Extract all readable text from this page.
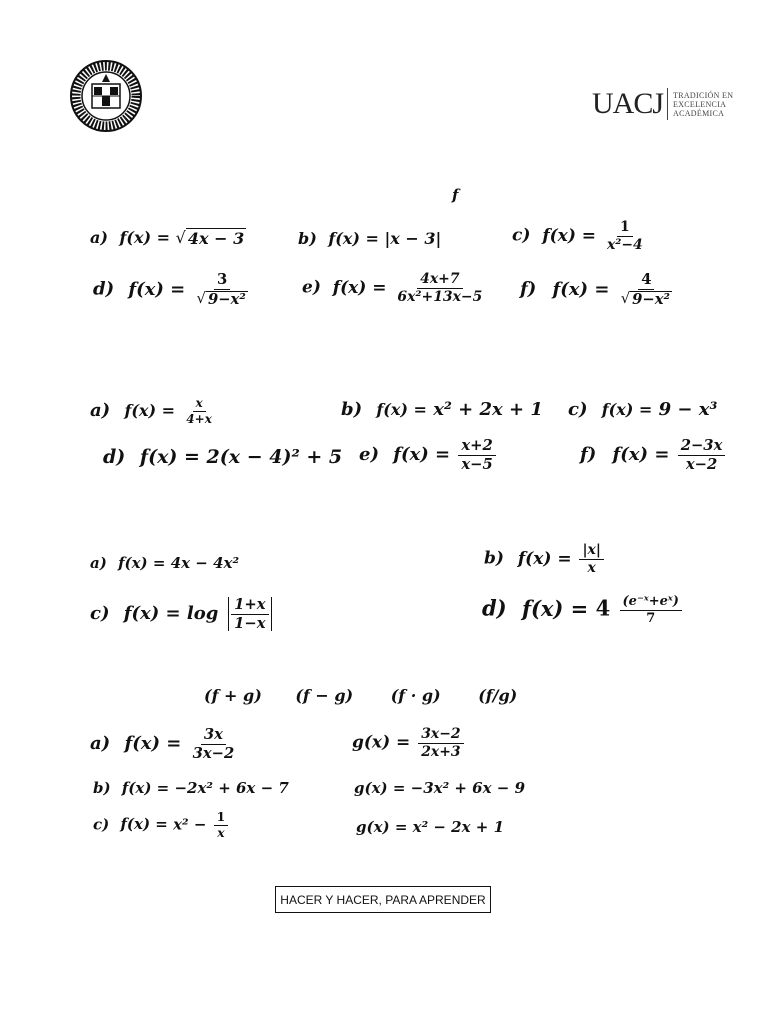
UACJ TRADICIÓN EN
EXCELENCIA
ACADÉMICA
f
a) f(x) = √ 4x − 3	b) f(x) = |x − 3|	c) $f(x) = \frac{1}{\text{x²−4}}$
d) $f(x) = \frac{3}{\text{√ 9−x²}}$	e) $f(x) = \frac{4x+7}{\text{6x²+13x−5}} f$) $f(x) = \frac{4}{\text{√ 9−x²}}$
a) $f(x) = \frac{x}{4+x}$	b) f(x) = x² + 2x + 1 c) f(x) = 9 − x³
d) f(x) = 2(x − 4)² + 5 e) $f(x) = \frac{x+2}{x-5}$	f) $f(x) = \frac{2-3x}{x-2}$
a) f(x) = 4x − 4x²	b) $f(x) = \frac{|x|}{x}$
c) $f(x) = \log \frac{1+x}{1-x}$	d) $f(x) = 4 \frac{\text{(e⁻ˣ+eˣ)}}{7}$
(f + g) (f − g) (f · g) (f/g)
a) $f(x) = \frac{3x}{3x-2}$	$g(x) = \frac{3x-2}{2x+3}$
b) f(x) = −2x² + 6x − 7	g(x) = −3x² + 6x − 9
c) $f(x) = x^2 - \frac{1}{x}$	g(x) = x² − 2x + 1
HACER Y HACER, PARA APRENDER
